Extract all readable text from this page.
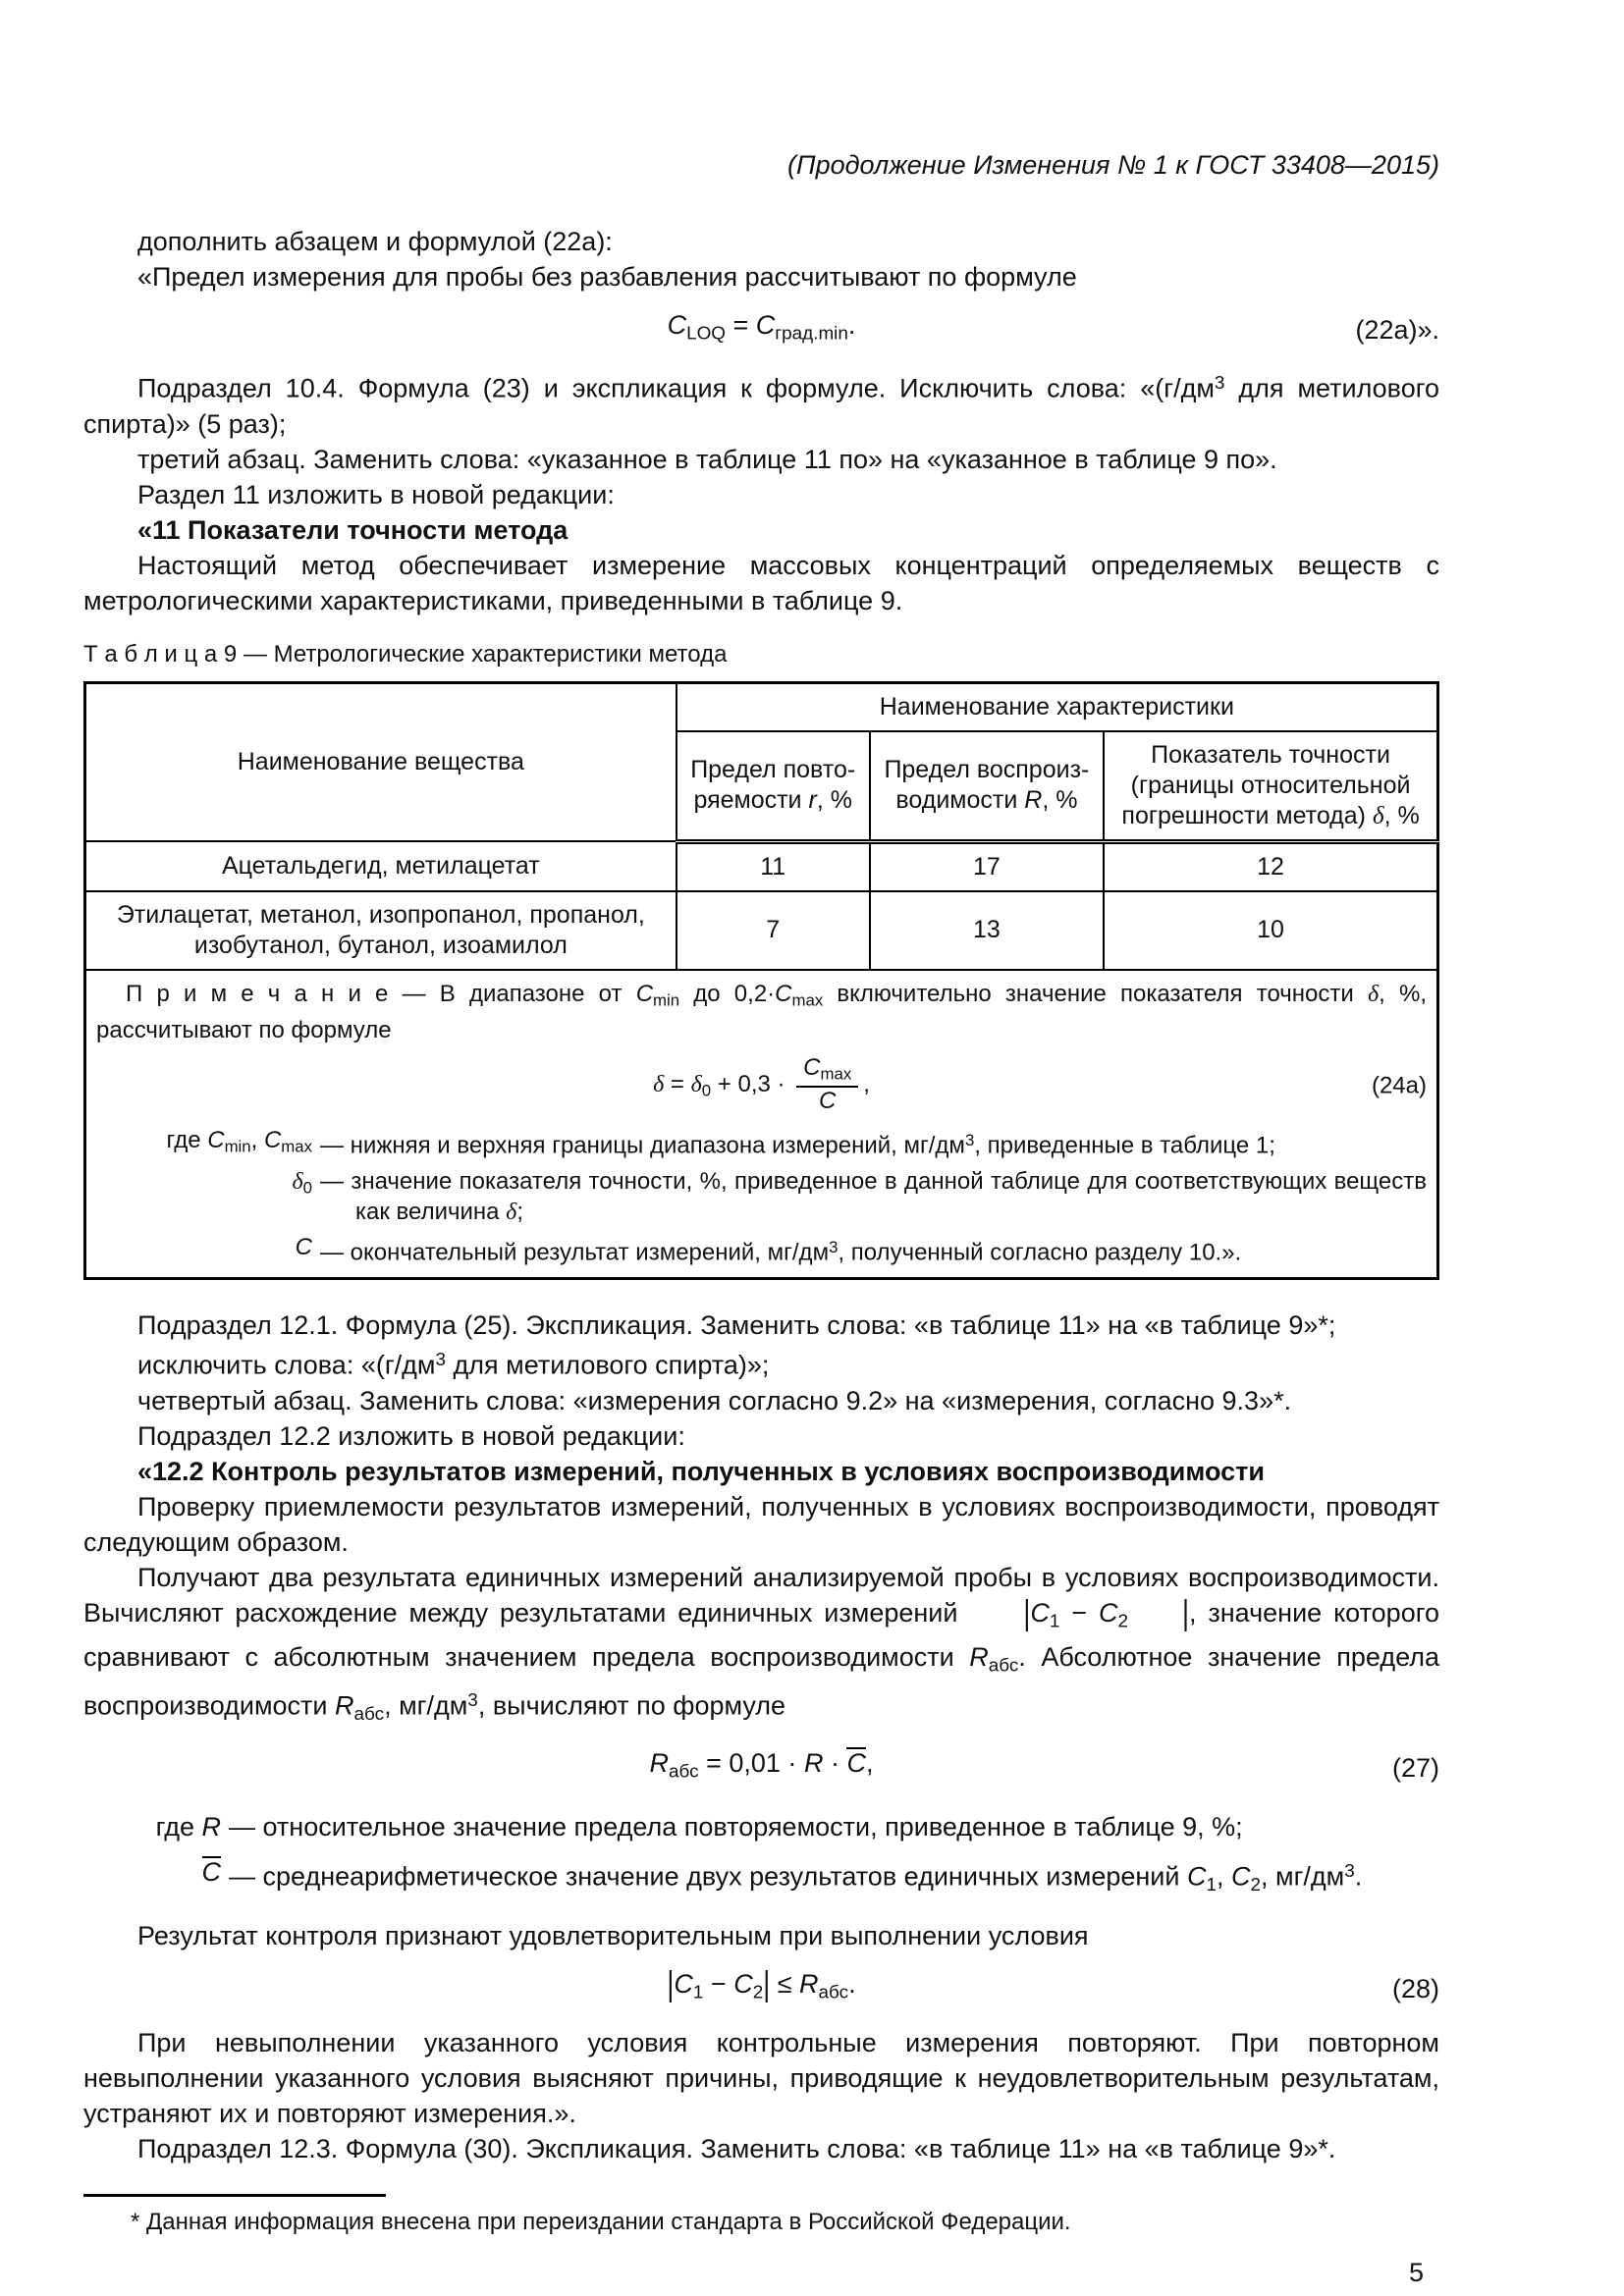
(Продолжение Изменения № 1 к ГОСТ 33408—2015)

дополнить абзацем и формулой (22а):

«Предел измерения для пробы без разбавления рассчитывают по формуле

$C_{LOQ} = C_{град.min}$.	(22а)».

Подраздел 10.4. Формула (23) и экспликация к формуле. Исключить слова: «($г/дм^3$ для метилового спирта)» (5 раз);

третий абзац. Заменить слова: «указанное в таблице 11 по» на «указанное в таблице 9 по».

Раздел 11 изложить в новой редакции:

«11 Показатели точности метода

Настоящий метод обеспечивает измерение массовых концентраций определяемых веществ с метрологическими характеристиками, приведенными в таблице 9.

Т а б л и ц а 9 — Метрологические характеристики метода
Наименование вещества	Наименование характеристики		
	Предел повто-ряемости r, %	Предел воспроиз-водимости R, %	Показатель точности (границы относительной погрешности метода) δ, %
Ацетальдегид, метилацетат	11	17	12
Этилацетат, метанол, изопропанол, пропанол, изобутанол, бутанол, изоамилол	7	13	10

П р и м е ч а н и е — В диапазоне от $C_{min}$ до $0,2\cdot C_{max}$ включительно значение показателя точности δ, %, рассчитывают по формуле

$\delta = \delta_0 + 0,3 \cdot \frac{C_{max}}{C}$ ,	(24а)
где $C_{min}$, $C_{max}$ — нижняя и верхняя границы диапазона измерений, $мг/дм^3$, приведенные в таблице 1;
$\delta_0$ — значение показателя точности, %, приведенное в данной таблице для соответствующих веществ как величина δ;
C — окончательный результат измерений, $мг/дм^3$, полученный согласно разделу 10.».

Подраздел 12.1. Формула (25). Экспликация. Заменить слова: «в таблице 11» на «в таблице 9»*;

исключить слова: «($г/дм^3$ для метилового спирта)»;

четвертый абзац. Заменить слова: «измерения согласно 9.2» на «измерения, согласно 9.3»*.

Подраздел 12.2 изложить в новой редакции:

«12.2 Контроль результатов измерений, полученных в условиях воспроизводимости

Проверку приемлемости результатов измерений, полученных в условиях воспроизводимости, проводят следующим образом.

Получают два результата единичных измерений анализируемой пробы в условиях воспроизводимости. Вычисляют расхождение между результатами единичных измерений $|C_1 - C_2$ |, значение которого сравнивают с абсолютным значением предела воспроизводимости $R_{абс}$. Абсолютное значение предела воспроизводимости $R_{абс}$, $мг/дм^3$, вычисляют по формуле

$R_{абс} = 0,01 \cdot R \cdot C$,	(27)
где R — относительное значение предела повторяемости, приведенное в таблице 9, %;
C — среднеарифметическое значение двух результатов единичных измерений $C_1$, $C_2$, $мг/дм^3$.

Результат контроля признают удовлетворительным при выполнении условия

$|C_1 - C_2| \le R_{абс}$.	(28)

При невыполнении указанного условия контрольные измерения повторяют. При повторном невыполнении указанного условия выясняют причины, приводящие к неудовлетворительным результатам, устраняют их и повторяют измерения.».

Подраздел 12.3. Формула (30). Экспликация. Заменить слова: «в таблице 11» на «в таблице 9»*.

* Данная информация внесена при переиздании стандарта в Российской Федерации.

5
